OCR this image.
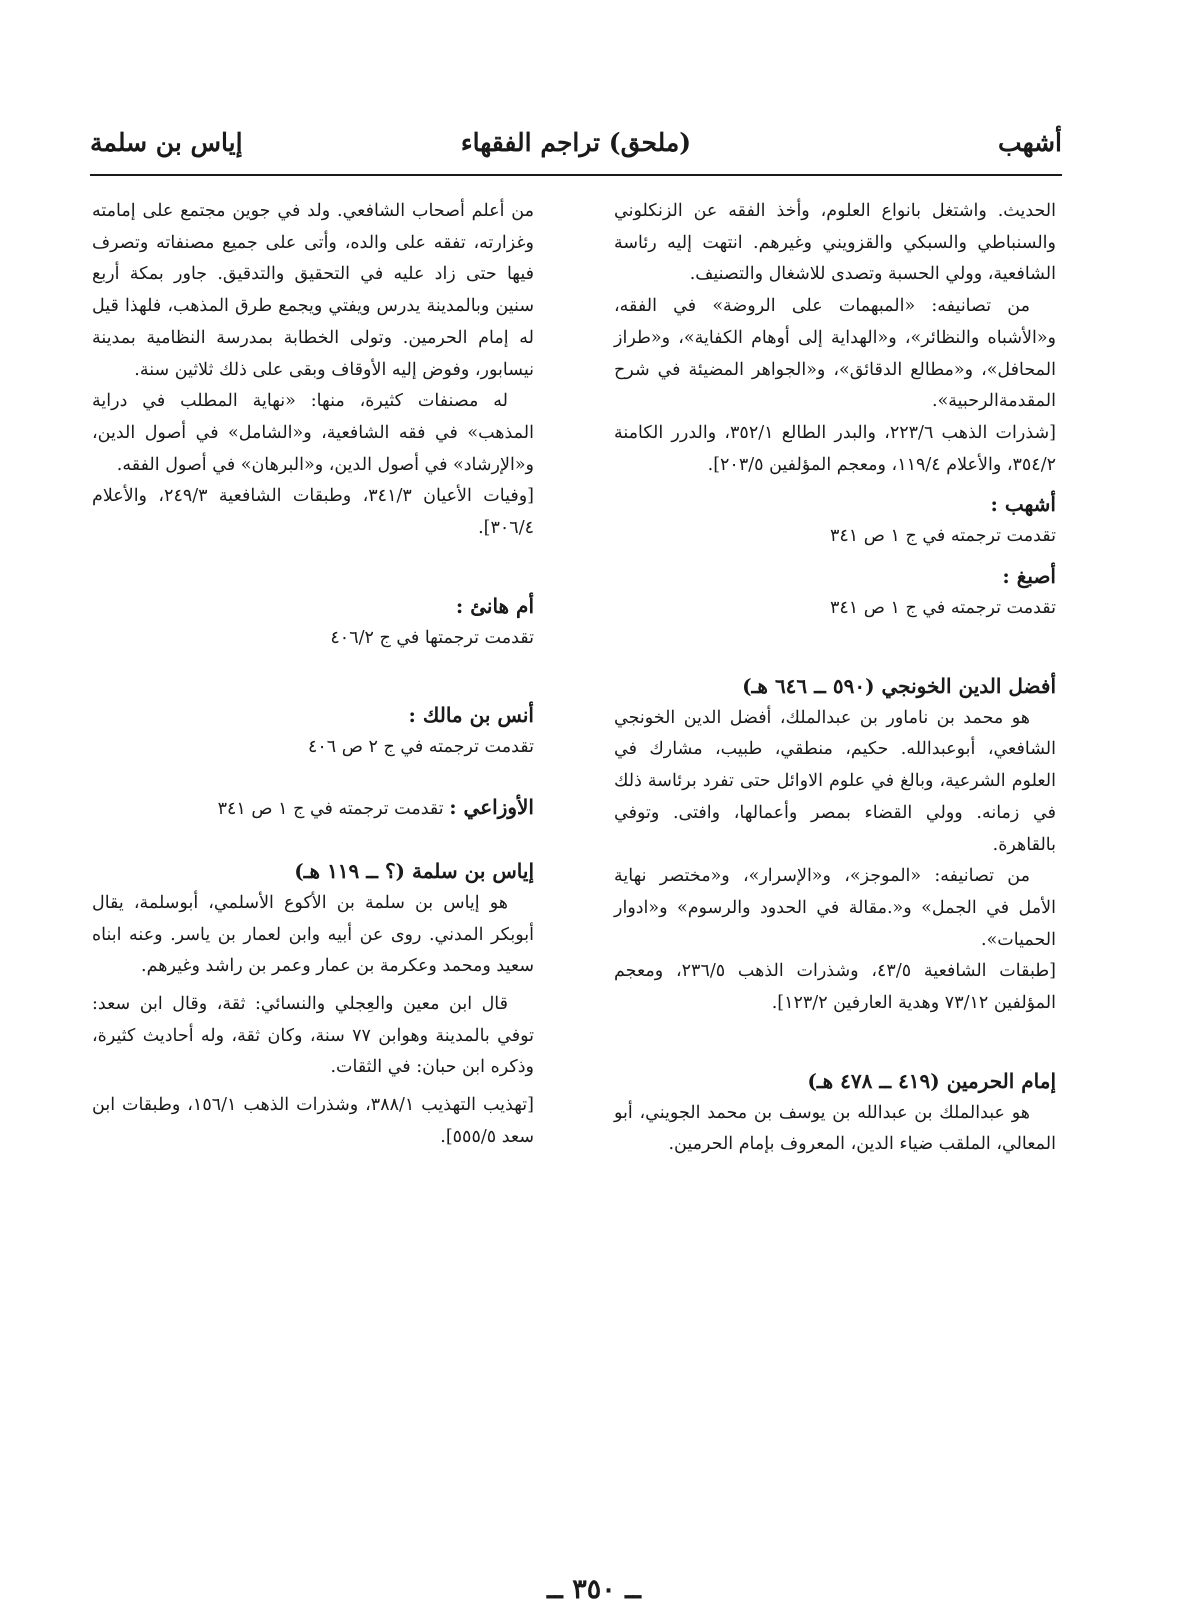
(ملحق) تراجم الفقهاء	أشهب
إياس بن سلمة

الحديث. واشتغل بانواع العلوم، وأخذ الفقه عن الزنكلوني والسنباطي والسبكي والقزويني وغيرهم. انتهت إليه رئاسة الشافعية، وولي الحسبة وتصدى للاشغال والتصنيف.

من تصانيفه: «المبهمات على الروضة» في الفقه، و«الأشباه والنظائر»، و«الهداية إلى أوهام الكفاية»، و«طراز المحافل»، و«مطالع الدقائق»، و«الجواهر المضيئة في شرح المقدمةالرحبية».

[شذرات الذهب ٢٢٣/٦، والبدر الطالع ٣٥٢/١، والدرر الكامنة ٣٥٤/٢، والأعلام ١١٩/٤، ومعجم المؤلفين ٢٠٣/٥].

أشهب :

تقدمت ترجمته في ج ١ ص ٣٤١

أصبغ :

تقدمت ترجمته في ج ١ ص ٣٤١

أفضل الدين الخونجي (٥٩٠ ــ ٦٤٦ هـ)

هو محمد بن ناماور بن عبدالملك، أفضل الدين الخونجي الشافعي، أبوعبدالله. حكيم، منطقي، طبيب، مشارك في العلوم الشرعية، وبالغ في علوم الاوائل حتى تفرد برئاسة ذلك في زمانه. وولي القضاء بمصر وأعمالها، وافتى. وتوفي بالقاهرة.

من تصانيفه: «الموجز»، و«الإسرار»، و«مختصر نهاية الأمل في الجمل» و«.مقالة في الحدود والرسوم» و«ادوار الحميات».

[طبقات الشافعية ٤٣/٥، وشذرات الذهب ٢٣٦/٥، ومعجم المؤلفين ٧٣/١٢ وهدية العارفين ١٢٣/٢].

إمام الحرمين (٤١٩ ــ ٤٧٨ هـ)

هو عبدالملك بن عبدالله بن يوسف بن محمد الجويني، أبو المعالي، الملقب ضياء الدين، المعروف بإمام الحرمين.

من أعلم أصحاب الشافعي. ولد في جوين مجتمع على إمامته وغزارته، تفقه على والده، وأتى على جميع مصنفاته وتصرف فيها حتى زاد عليه في التحقيق والتدقيق. جاور بمكة أربع سنين وبالمدينة يدرس ويفتي ويجمع طرق المذهب، فلهذا قيل له إمام الحرمين. وتولى الخطابة بمدرسة النظامية بمدينة نيسابور، وفوض إليه الأوقاف وبقى على ذلك ثلاثين سنة.

له مصنفات كثيرة، منها: «نهاية المطلب في دراية المذهب» في فقه الشافعية، و«الشامل» في أصول الدين، و«الإرشاد» في أصول الدين، و«البرهان» في أصول الفقه.

[وفيات الأعيان ٣٤١/٣، وطبقات الشافعية ٢٤٩/٣، والأعلام ٣٠٦/٤].

أم هانئ :

تقدمت ترجمتها في ج ٤٠٦/٢

أنس بن مالك :

تقدمت ترجمته في ج ٢ ص ٤٠٦

الأوزاعي : تقدمت ترجمته في ج ١ ص ٣٤١

إياس بن سلمة (؟ ــ ١١٩ هـ)

هو إياس بن سلمة بن الأكوع الأسلمي، أبوسلمة، يقال أبوبكر المدني. روى عن أبيه وابن لعمار بن ياسر. وعنه ابناه سعيد ومحمد وعكرمة بن عمار وعمر بن راشد وغيرهم.

قال ابن معين والعِجلي والنسائي: ثقة، وقال ابن سعد: توفي بالمدينة وهوابن ٧٧ سنة، وكان ثقة، وله أحاديث كثيرة، وذكره ابن حبان: في الثقات.

[تهذيب التهذيب ٣٨٨/١، وشذرات الذهب ١٥٦/١، وطبقات ابن سعد ٥٥٥/٥].

ــ ٣٥٠ ــ
